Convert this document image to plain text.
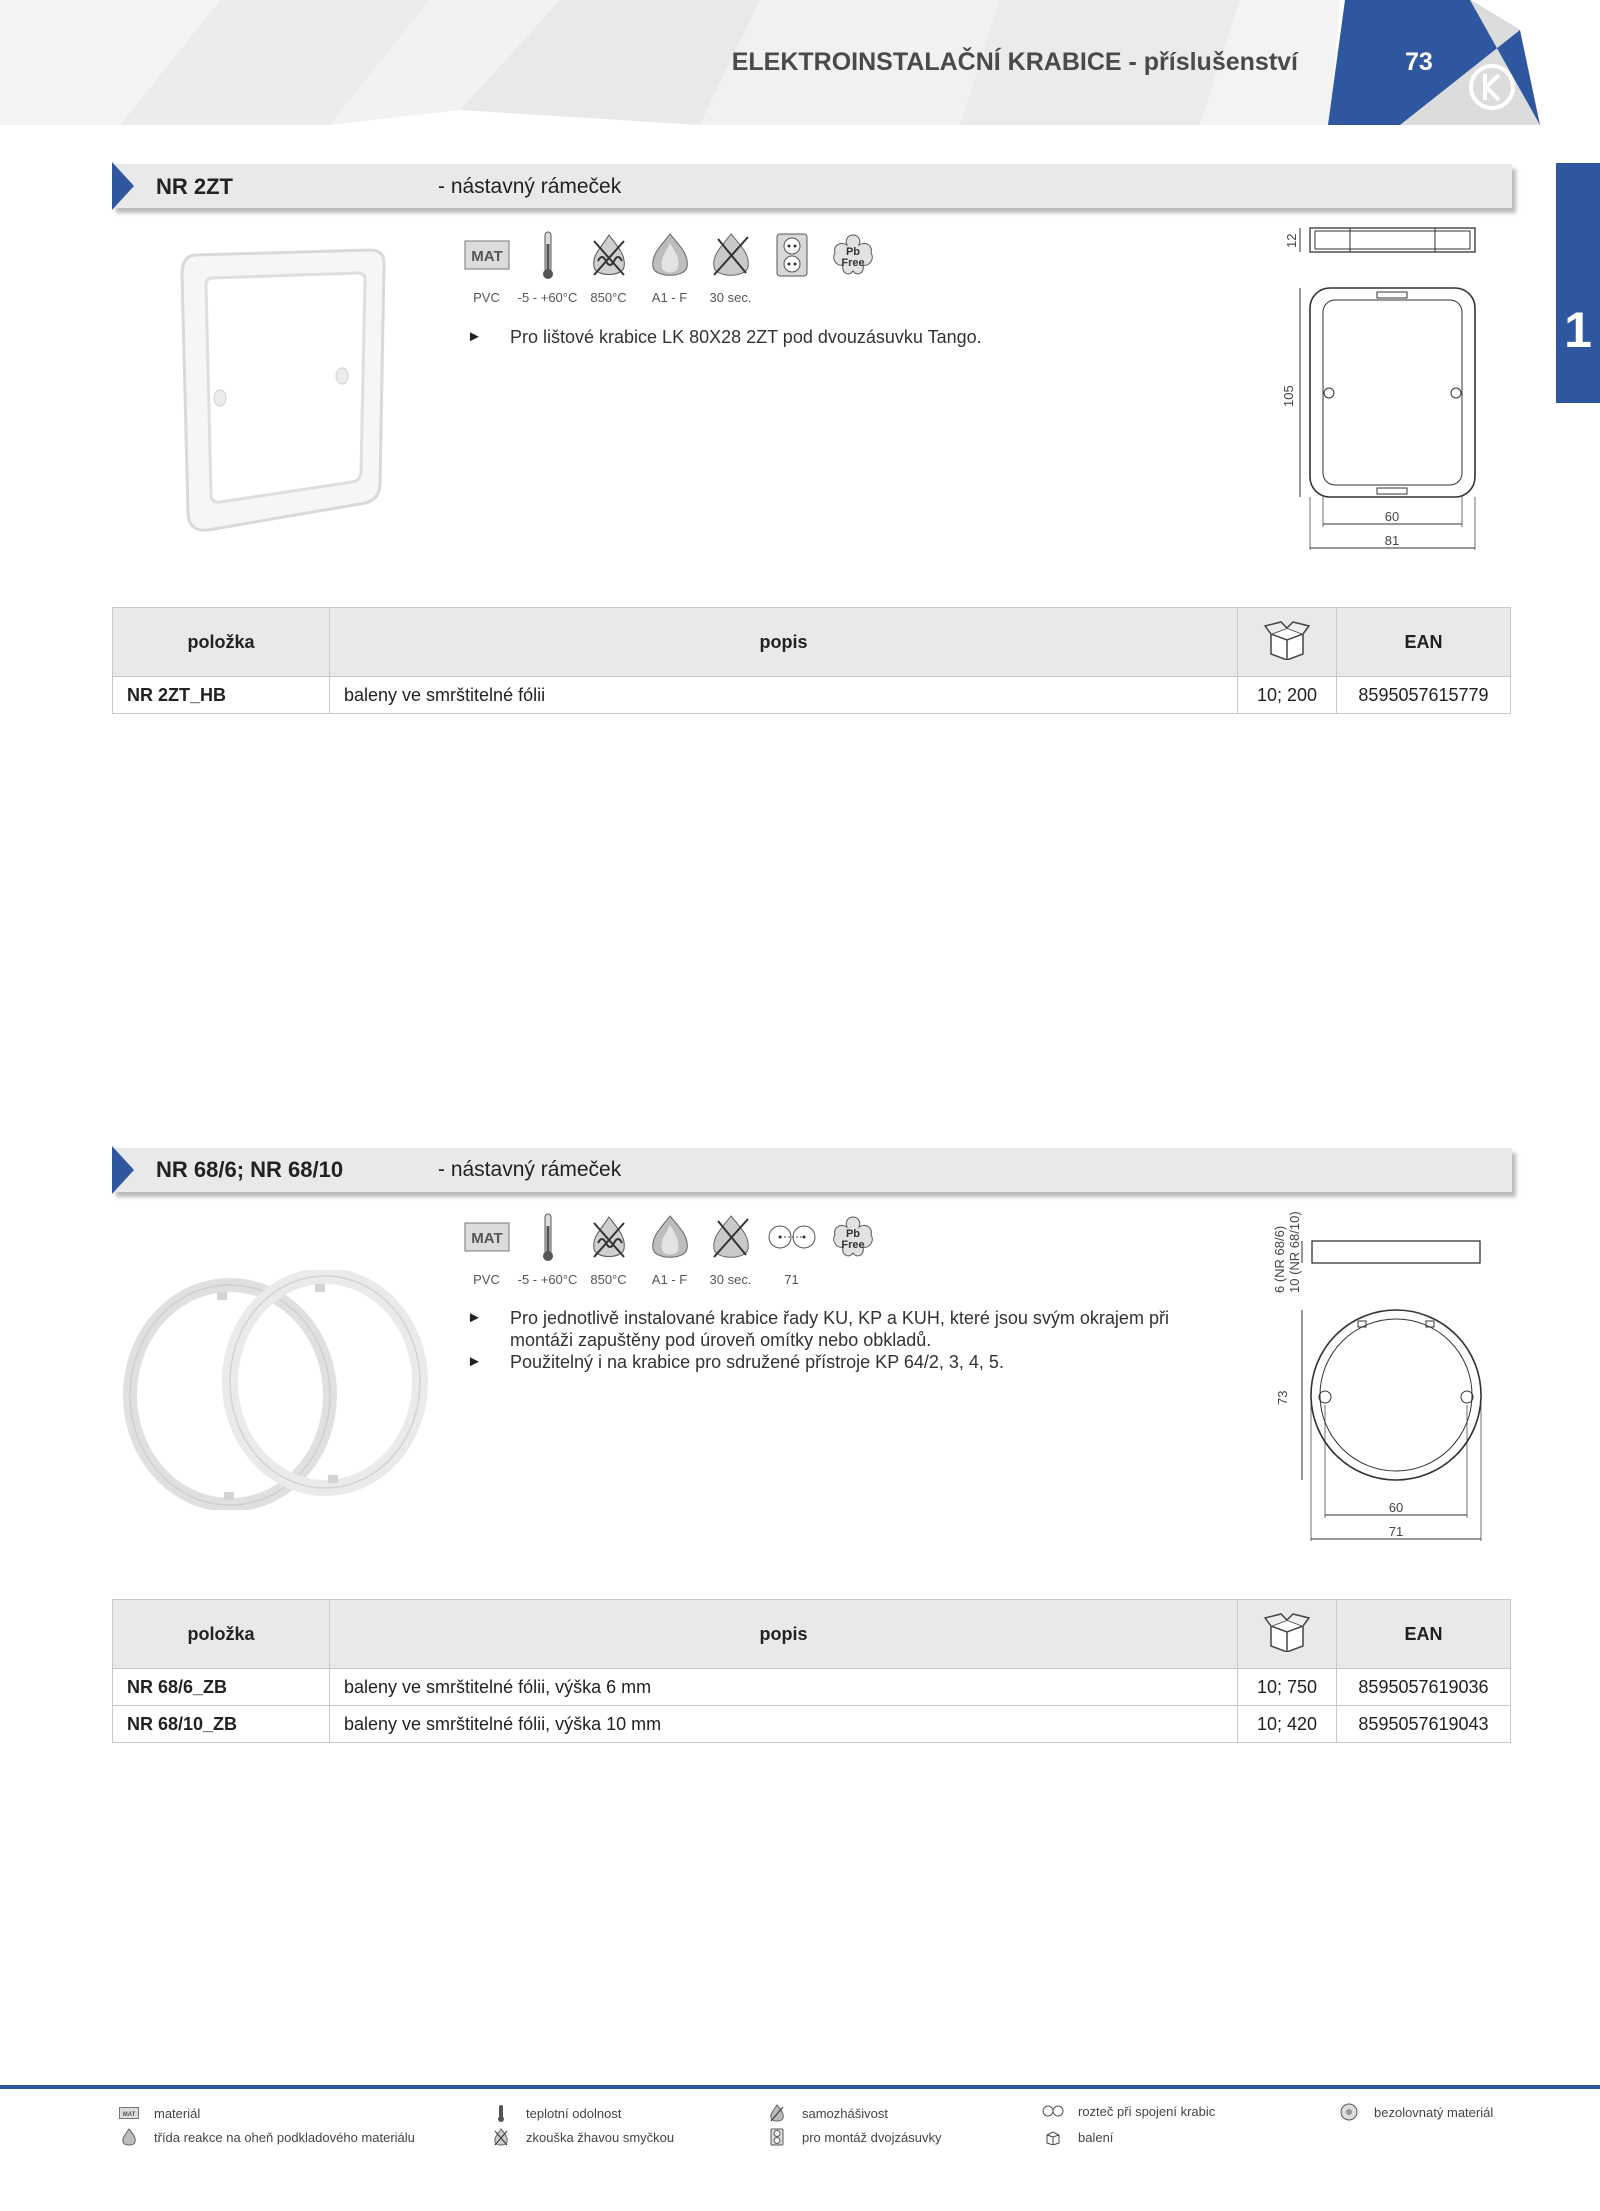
ELEKTROINSTALAČNÍ KRABICE - příslušenství	73
1
NR 2ZT	- nástavný rámeček
MAT
PVC	-5 - +60°C 850°C	A1 - F	30 sec.
Pb
Free
► Pro lištové krabice LK 80X28 2ZT pod dvouzásuvku Tango.
12
105
60
81
položka	popis		EAN
NR 2ZT_HB	baleny ve smrštitelné fólii	10; 200	8595057615779
NR 68/6; NR 68/10	- nástavný rámeček
MAT
PVC	-5 - +60°C 850°C	A1 - F	30 sec.	71
Pb
Free
► Pro jednotlivě instalované krabice řady KU, KP a KUH, které jsou svým okrajem při montáži zapuštěny pod úroveň omítky nebo obkladů.
► Použitelný i na krabice pro sdružené přístroje KP 64/2, 3, 4, 5.
6 (NR 68/6) 10 (NR 68/10)
73
60
71
položka	popis		EAN
NR 68/6_ZB	baleny ve smrštitelné fólii, výška 6 mm	10; 750	8595057619036
NR 68/10_ZB	baleny ve smrštitelné fólii, výška 10 mm	10; 420	8595057619043
MAT materiál	teplotní odolnost	samozhášivost	rozteč při spojení krabic	bezolovnatý materiál
třída reakce na oheň podkladového materiálu	zkouška žhavou smyčkou	pro montáž dvojzásuvky	balení
